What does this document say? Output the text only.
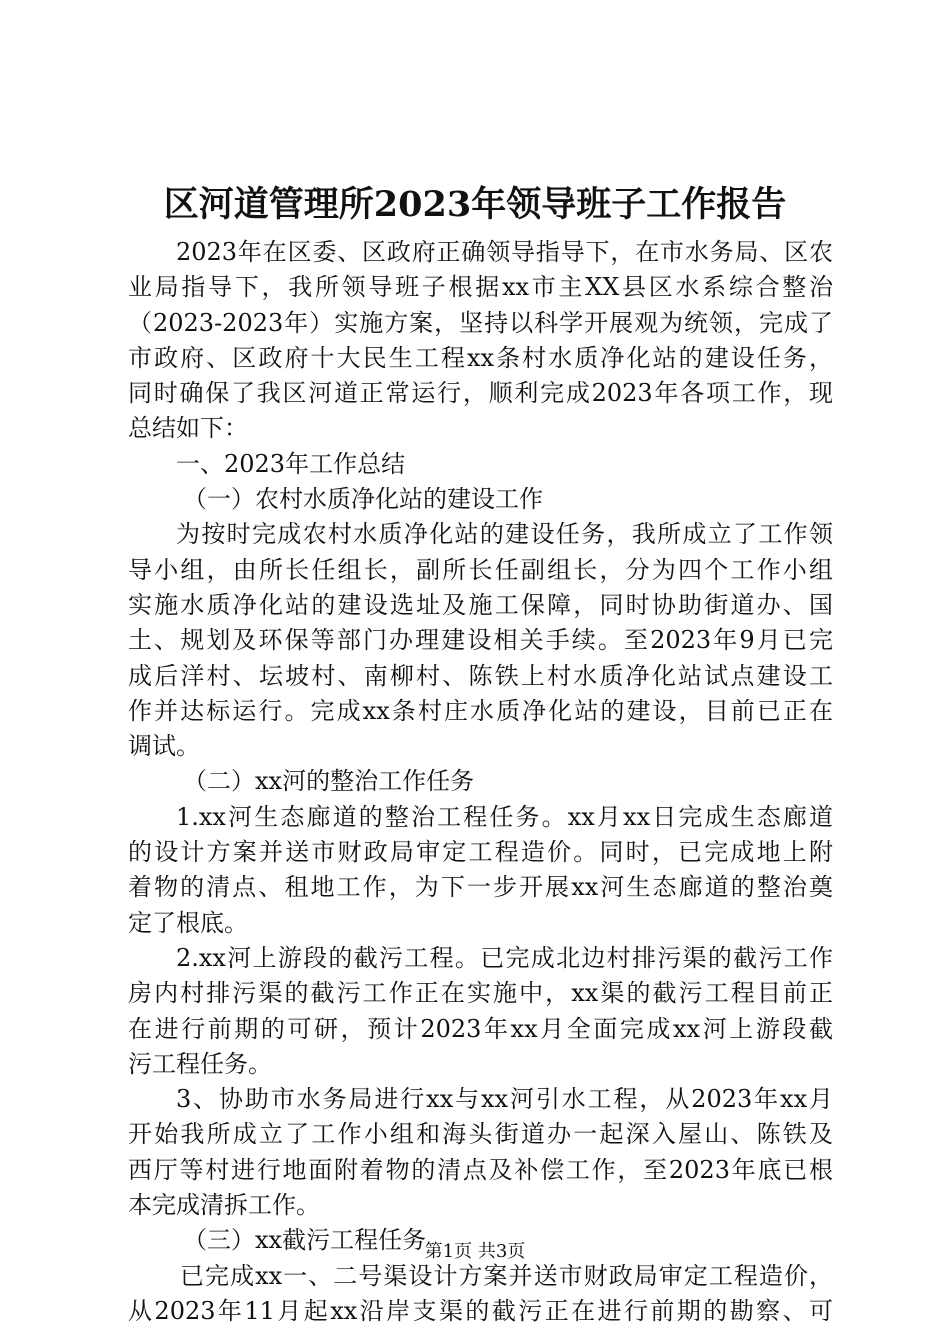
区河道管理所2023年领导班子工作报告
2023年在区委、区政府正确领导指导下，在市水务局、区农
业局指导下，我所领导班子根据xx市主XX县区水系综合整治
（2023-2023年）实施方案，坚持以科学开展观为统领，完成了
市政府、区政府十大民生工程xx条村水质净化站的建设任务，
同时确保了我区河道正常运行，顺利完成2023年各项工作，现
总结如下：
一、2023年工作总结
（一）农村水质净化站的建设工作
为按时完成农村水质净化站的建设任务，我所成立了工作领
导小组，由所长任组长，副所长任副组长，分为四个工作小组
实施水质净化站的建设选址及施工保障，同时协助街道办、国
土、规划及环保等部门办理建设相关手续。至2023年9月已完
成后洋村、坛坡村、南柳村、陈铁上村水质净化站试点建设工
作并达标运行。完成xx条村庄水质净化站的建设，目前已正在
调试。
（二）xx河的整治工作任务
1.xx河生态廊道的整治工程任务。xx月xx日完成生态廊道
的设计方案并送市财政局审定工程造价。同时，已完成地上附
着物的清点、租地工作，为下一步开展xx河生态廊道的整治奠
定了根底。
2.xx河上游段的截污工程。已完成北边村排污渠的截污工作
房内村排污渠的截污工作正在实施中，xx渠的截污工程目前正
在进行前期的可研，预计2023年xx月全面完成xx河上游段截
污工程任务。
3、协助市水务局进行xx与xx河引水工程，从2023年xx月
开始我所成立了工作小组和海头街道办一起深入屋山、陈铁及
西厅等村进行地面附着物的清点及补偿工作，至2023年底已根
本完成清拆工作。
（三）xx截污工程任务
已完成xx一、二号渠设计方案并送市财政局审定工程造价，
从2023年11月起xx沿岸支渠的截污正在进行前期的勘察、可
第1页 共3页
